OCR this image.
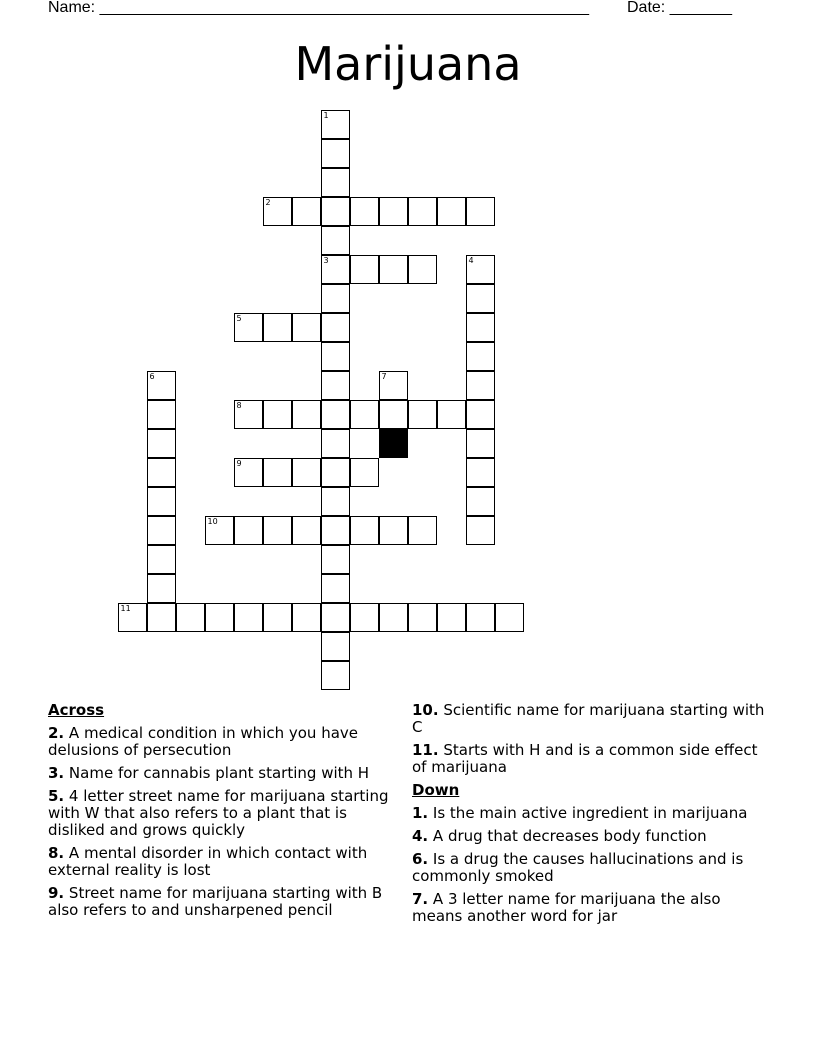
Name: _______________________________________________________ Date: _______
Marijuana
1
3
2
4
5
6	7
8
9
10
11
Across
2. A medical condition in which you have delusions of persecution
3. Name for cannabis plant starting with H
5. 4 letter street name for marijuana starting with W that also refers to a plant that is disliked and grows quickly
8. A mental disorder in which contact with external reality is lost
9. Street name for marijuana starting with B also refers to and unsharpened pencil
10. Scientific name for marijuana starting with C
11. Starts with H and is a common side effect of marijuana
Down
1. Is the main active ingredient in marijuana
4. A drug that decreases body function
6. Is a drug the causes hallucinations and is commonly smoked
7. A 3 letter name for marijuana the also means another word for jar
